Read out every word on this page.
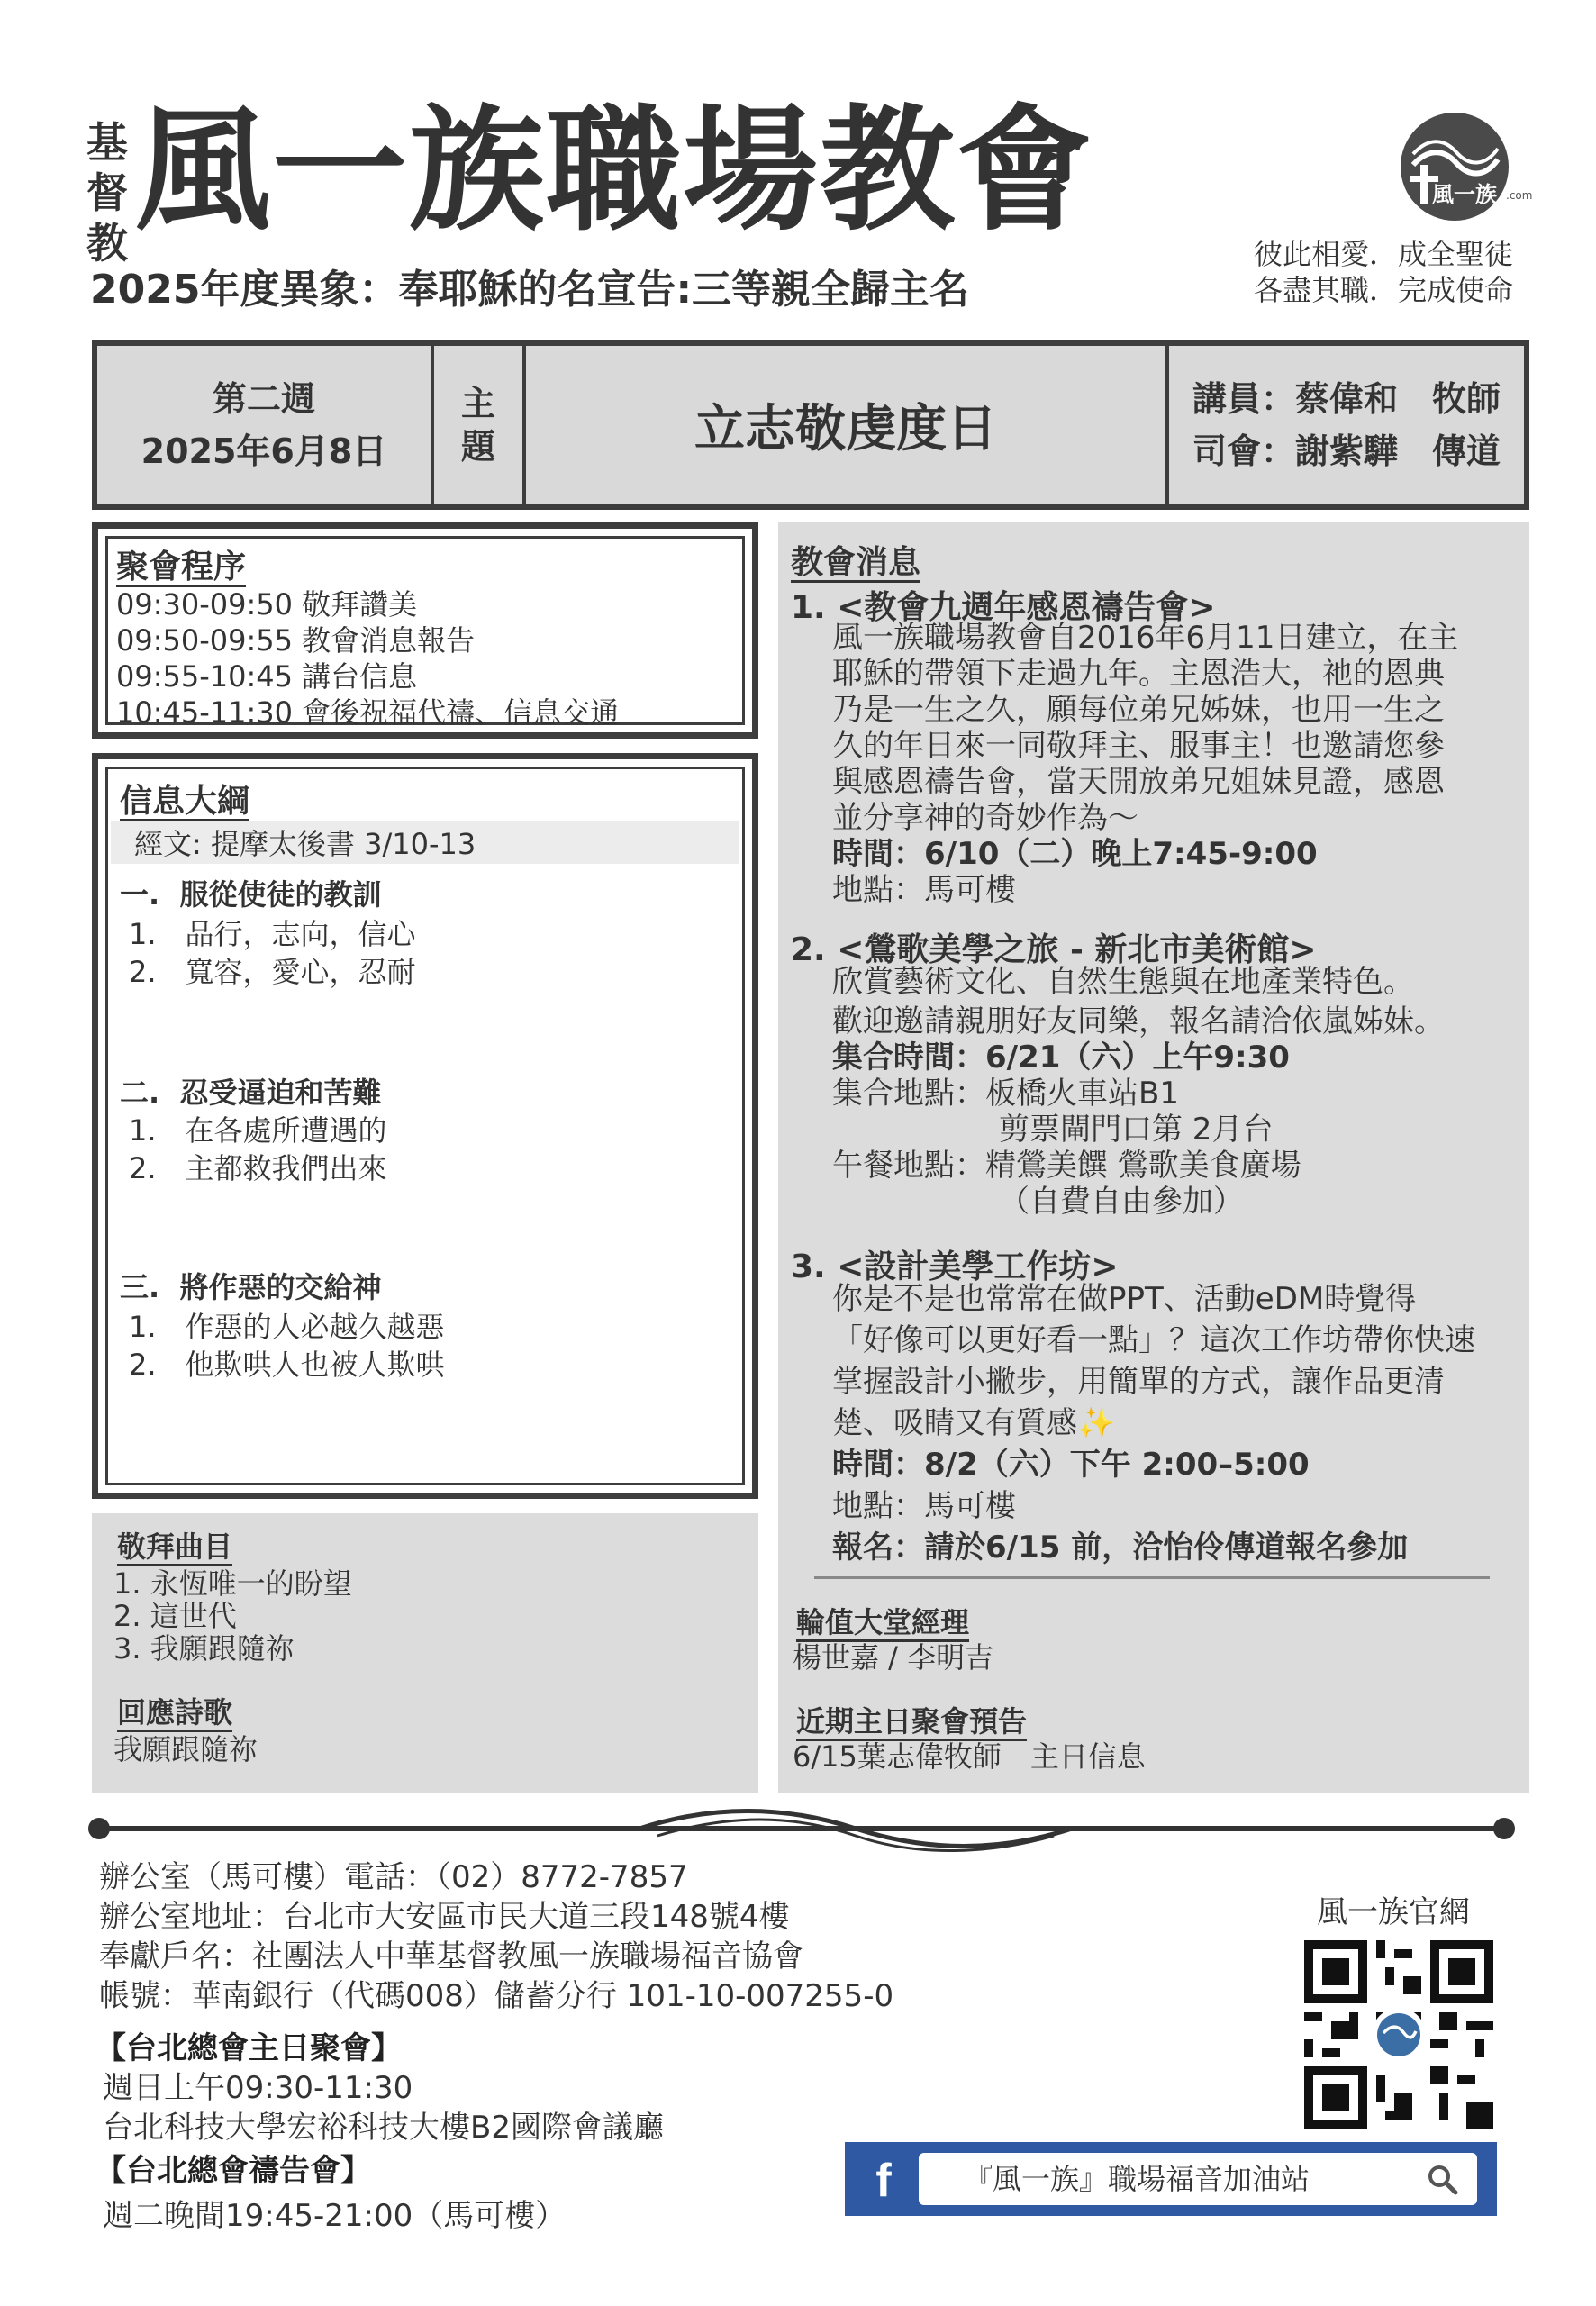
基督教 風一族職場教會
2025年度異象：奉耶穌的名宣告:三等親全歸主名
風一族 .com
彼此相愛．成全聖徒
各盡其職．完成使命
第二週
2025年6月8日
主
題	立志敬虔度日
講員：蔡偉和　牧師
司會：謝紫驊　傳道
聚會程序
09:30-09:50 敬拜讚美
09:50-09:55 教會消息報告
09:55-10:45 講台信息
10:45-11:30 會後祝福代禱、信息交通
信息大綱
經文: 提摩太後書 3/10-13
一. 服從使徒的教訓
1.　品行，志向，信心
2.　寬容，愛心，忍耐
二. 忍受逼迫和苦難
1.　在各處所遭遇的
2.　主都救我們出來
三. 將作惡的交給神
1.　作惡的人必越久越惡
2.　他欺哄人也被人欺哄
敬拜曲目
1. 永恆唯一的盼望
2. 這世代
3. 我願跟隨祢
回應詩歌
我願跟隨祢
教會消息
1. <教會九週年感恩禱告會>
風一族職場教會自2016年6月11日建立，在主
耶穌的帶領下走過九年。主恩浩大，祂的恩典
乃是一生之久，願每位弟兄姊妹，也用一生之
久的年日來一同敬拜主、服事主！也邀請您參
與感恩禱告會，當天開放弟兄姐妹見證，感恩
並分享神的奇妙作為～
時間：6/10（二）晚上7:45-9:00
地點：馬可樓
2. <鶯歌美學之旅 - 新北市美術館>
欣賞藝術文化、自然生態與在地產業特色。
歡迎邀請親朋好友同樂，報名請洽依嵐姊妹。
集合時間：6/21（六）上午9:30
集合地點：板橋火車站B1
剪票閘門口第 2月台
午餐地點：精鶯美饌 鶯歌美食廣場
（自費自由參加）
3. <設計美學工作坊>
你是不是也常常在做PPT、活動eDM時覺得
「好像可以更好看一點」？這次工作坊帶你快速
掌握設計小撇步，用簡單的方式，讓作品更清
楚、吸睛又有質感✨
時間：8/2（六）下午 2:00–5:00
地點：馬可樓
報名：請於6/15 前，洽怡伶傳道報名參加
輪值大堂經理
楊世嘉 / 李明吉
近期主日聚會預告
6/15葉志偉牧師　主日信息
辦公室（馬可樓）電話：（02）8772-7857
辦公室地址：台北市大安區市民大道三段148號4樓
奉獻戶名：社團法人中華基督教風一族職場福音協會
帳號：華南銀行（代碼008）儲蓄分行 101-10-007255-0
【台北總會主日聚會】
週日上午09:30-11:30
台北科技大學宏裕科技大樓B2國際會議廳
【台北總會禱告會】
週二晚間19:45-21:00（馬可樓）
風一族官網
f	『風一族』職場福音加油站
